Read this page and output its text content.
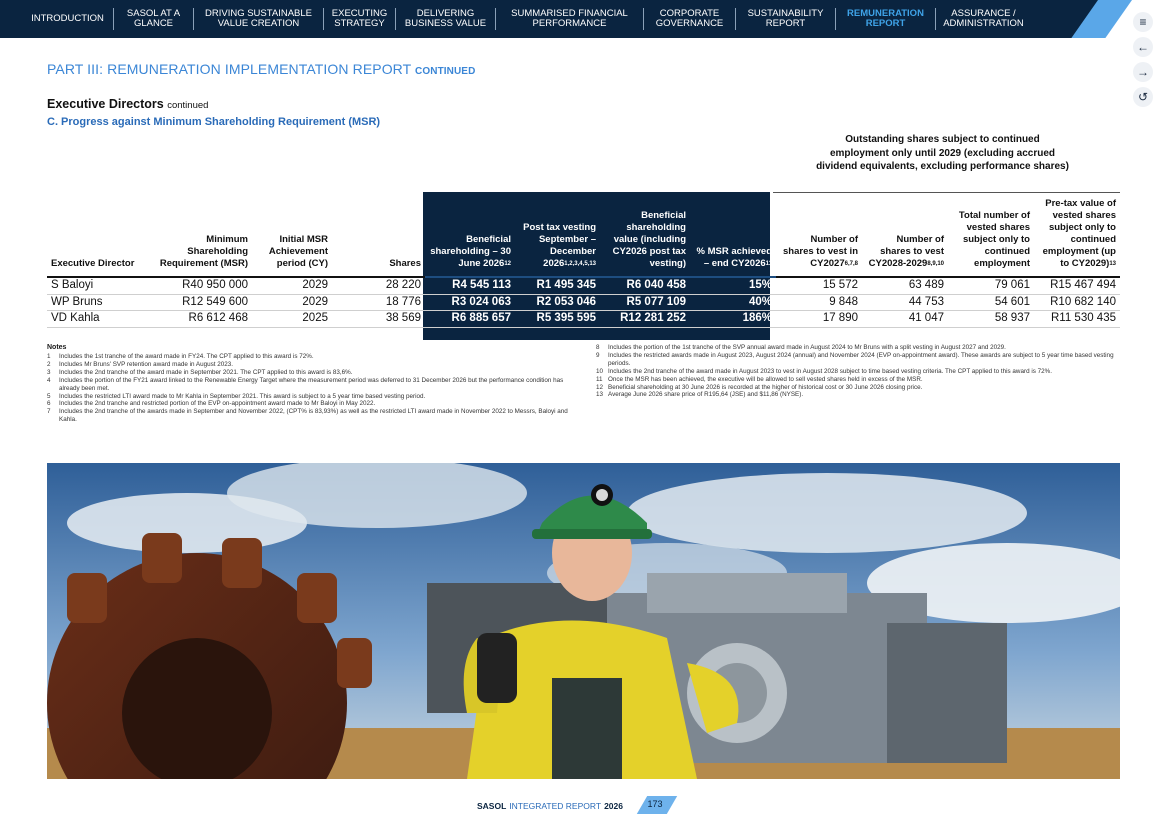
INTRODUCTION	SASOL AT A GLANCE
DRIVING SUSTAINABLE VALUE CREATION
EXECUTING STRATEGY
DELIVERING BUSINESS VALUE
SUMMARISED FINANCIAL PERFORMANCE
CORPORATE GOVERNANCE
SUSTAINABILITY REPORT
REMUNERATION REPORT
ASSURANCE / ADMINISTRATION	≡
←
→
↺
PART III: REMUNERATION IMPLEMENTATION REPORT CONTINUED
Executive Directors continued
C. Progress against Minimum Shareholding Requirement (MSR)
Outstanding shares subject to continued employment only until 2029 (excluding accrued dividend equivalents, excluding performance shares)
Executive Director	Minimum Shareholding Requirement (MSR)	Initial MSR Achievement period (CY)	Shares	Beneficial shareholding – 30 June 2026$^{12}$	Post tax vesting September – December 2026$^{1,2,3,4,5,13}$	Beneficial shareholding value (including CY2026 post tax vesting)	% MSR achieved – end CY2026$^{11}$	Number of shares to vest in CY2027$^{6,7,8}$	Number of shares to vest CY2028-2029$^{8,9,10}$	Total number of vested shares subject only to continued employment	Pre-tax value of vested shares subject only to continued employment (up to CY2029)$^{13}$
S Baloyi	R40 950 000	2029	28 220	R4 545 113	R1 495 345	R6 040 458	15%	15 572	63 489	79 061	R15 467 494
WP Bruns	R12 549 600	2029	18 776	R3 024 063	R2 053 046	R5 077 109	40%	9 848	44 753	54 601	R10 682 140
VD Kahla	R6 612 468	2025	38 569	R6 885 657	R5 395 595	R12 281 252	186%	17 890	41 047	58 937	R11 530 435
Notes
1	Includes the 1st tranche of the award made in FY24. The CPT applied to this award is 72%.
2	Includes Mr Bruns' SVP retention award made in August 2023.
3	Includes the 2nd tranche of the award made in September 2021. The CPT applied to this award is 83,6%.
4	Includes the portion of the FY21 award linked to the Renewable Energy Target where the measurement period was deferred to 31 December 2026 but the performance condition has already been met.
5	Includes the restricted LTI award made to Mr Kahla in September 2021. This award is subject to a 5 year time based vesting period.
6	Includes the 2nd tranche and restricted portion of the EVP on-appointment award made to Mr Baloyi in May 2022.
7	Includes the 2nd tranche of the awards made in September and November 2022, (CPT% is 83,93%) as well as the restricted LTI award made in November 2022 to Messrs, Baloyi and Kahla.
8	Includes the portion of the 1st tranche of the SVP annual award made in August 2024 to Mr Bruns with a split vesting in August 2027 and 2029.
9	Includes the restricted awards made in August 2023, August 2024 (annual) and November 2024 (EVP on-appointment award). These awards are subject to 5 year time based vesting periods.
10 Includes the 2nd tranche of the award made in August 2023 to vest in August 2028 subject to time based vesting criteria. The CPT applied to this award is 72%.
11 Once the MSR has been achieved, the executive will be allowed to sell vested shares held in excess of the MSR.
12 Beneficial shareholding at 30 June 2026 is recorded at the higher of historical cost or 30 June 2026 closing price.
13 Average June 2026 share price of R195,64 (JSE) and $11,86 (NYSE).
SASOL INTEGRATED REPORT 2026	173
